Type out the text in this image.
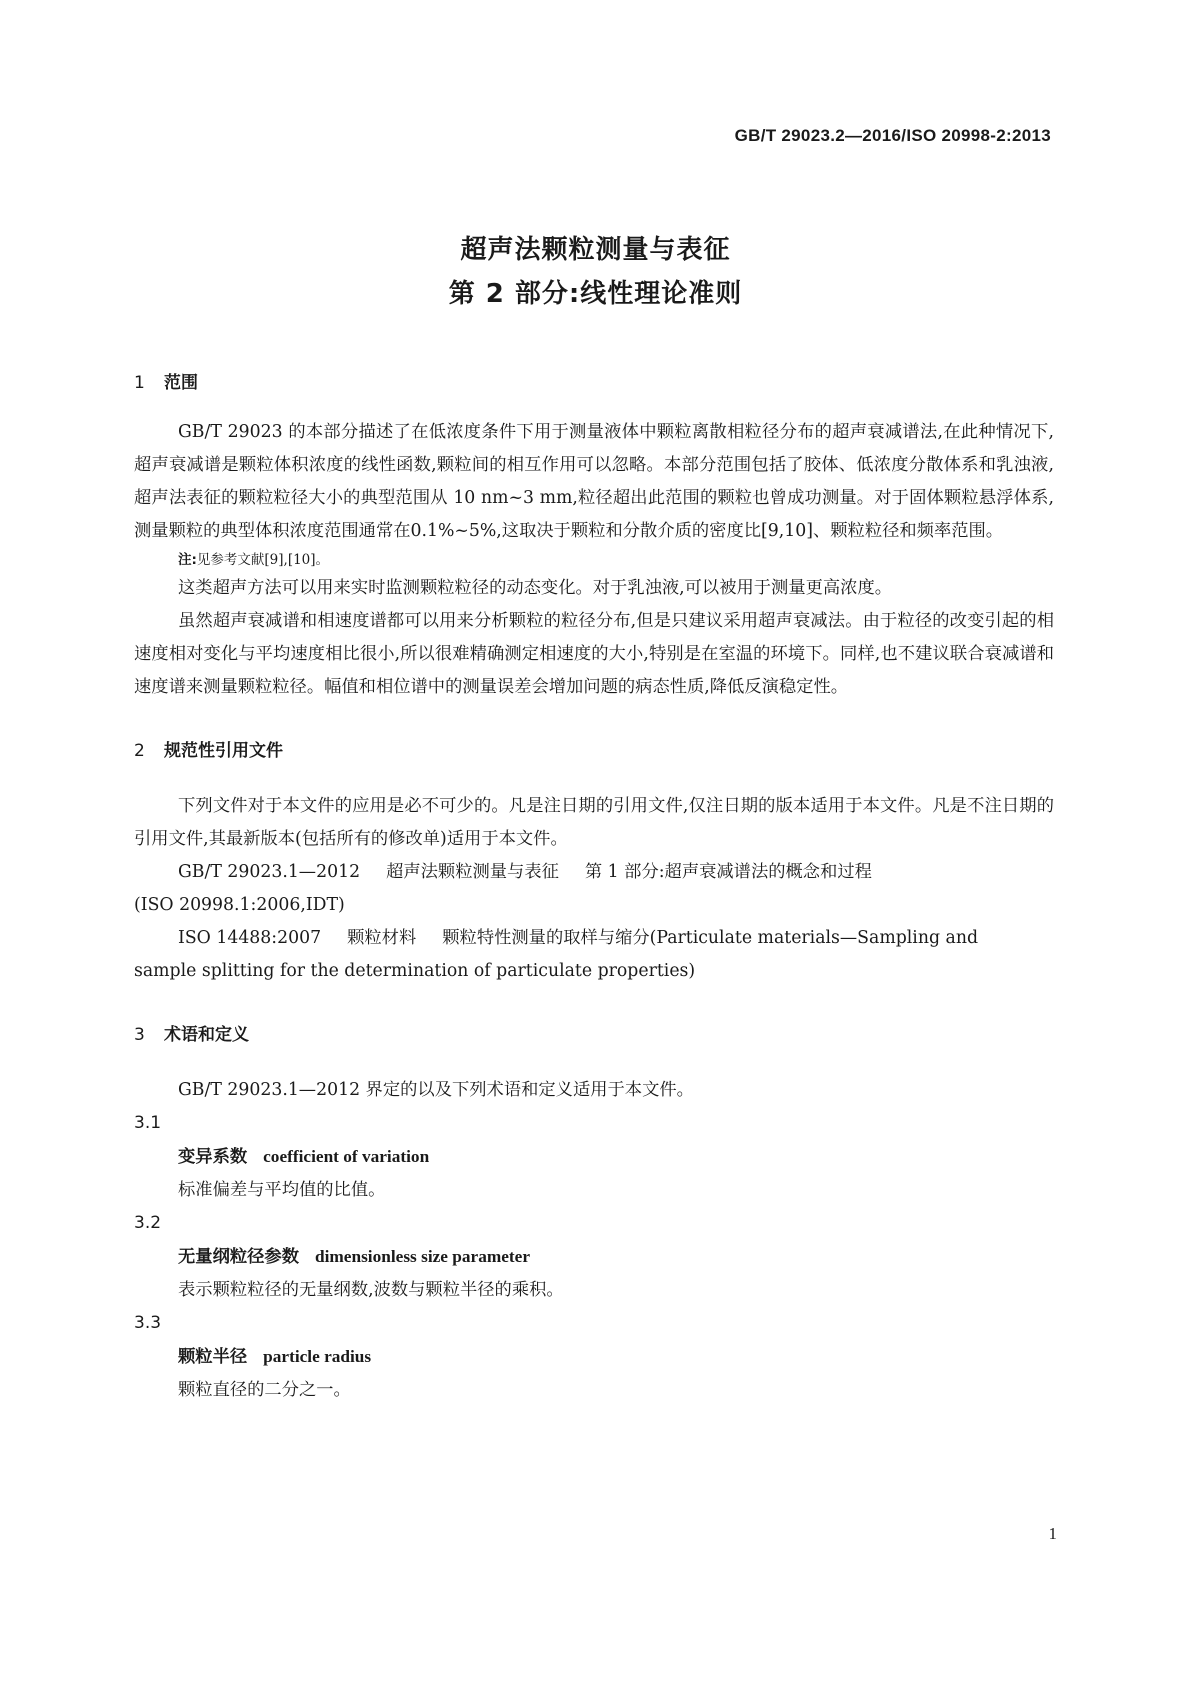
GB/T 29023.2—2016/ISO 20998-2:2013

超声法颗粒测量与表征
第 2 部分:线性理论准则
1 范围

GB/T 29023 的本部分描述了在低浓度条件下用于测量液体中颗粒离散相粒径分布的超声衰减谱法,在此种情况下,超声衰减谱是颗粒体积浓度的线性函数,颗粒间的相互作用可以忽略。本部分范围包括了胶体、低浓度分散体系和乳浊液,超声法表征的颗粒粒径大小的典型范围从 10 nm~3 mm,粒径超出此范围的颗粒也曾成功测量。对于固体颗粒悬浮体系,测量颗粒的典型体积浓度范围通常在0.1%~5%,这取决于颗粒和分散介质的密度比[9,10]、颗粒粒径和频率范围。

注:见参考文献[9],[10]。

这类超声方法可以用来实时监测颗粒粒径的动态变化。对于乳浊液,可以被用于测量更高浓度。

虽然超声衰减谱和相速度谱都可以用来分析颗粒的粒径分布,但是只建议采用超声衰减法。由于粒径的改变引起的相速度相对变化与平均速度相比很小,所以很难精确测定相速度的大小,特别是在室温的环境下。同样,也不建议联合衰减谱和速度谱来测量颗粒粒径。幅值和相位谱中的测量误差会增加问题的病态性质,降低反演稳定性。

2 规范性引用文件

下列文件对于本文件的应用是必不可少的。凡是注日期的引用文件,仅注日期的版本适用于本文件。凡是不注日期的引用文件,其最新版本(包括所有的修改单)适用于本文件。

GB/T 29023.1—2012 超声法颗粒测量与表征 第 1 部分:超声衰减谱法的概念和过程

(ISO 20998.1:2006,IDT)

ISO 14488:2007 颗粒材料 颗粒特性测量的取样与缩分(Particulate materials—Sampling and

sample splitting for the determination of particulate properties)

3 术语和定义

GB/T 29023.1—2012 界定的以及下列术语和定义适用于本文件。

3.1

变异系数 coefficient of variation

标准偏差与平均值的比值。

3.2

无量纲粒径参数 dimensionless size parameter

表示颗粒粒径的无量纲数,波数与颗粒半径的乘积。

3.3

颗粒半径 particle radius

颗粒直径的二分之一。

1
